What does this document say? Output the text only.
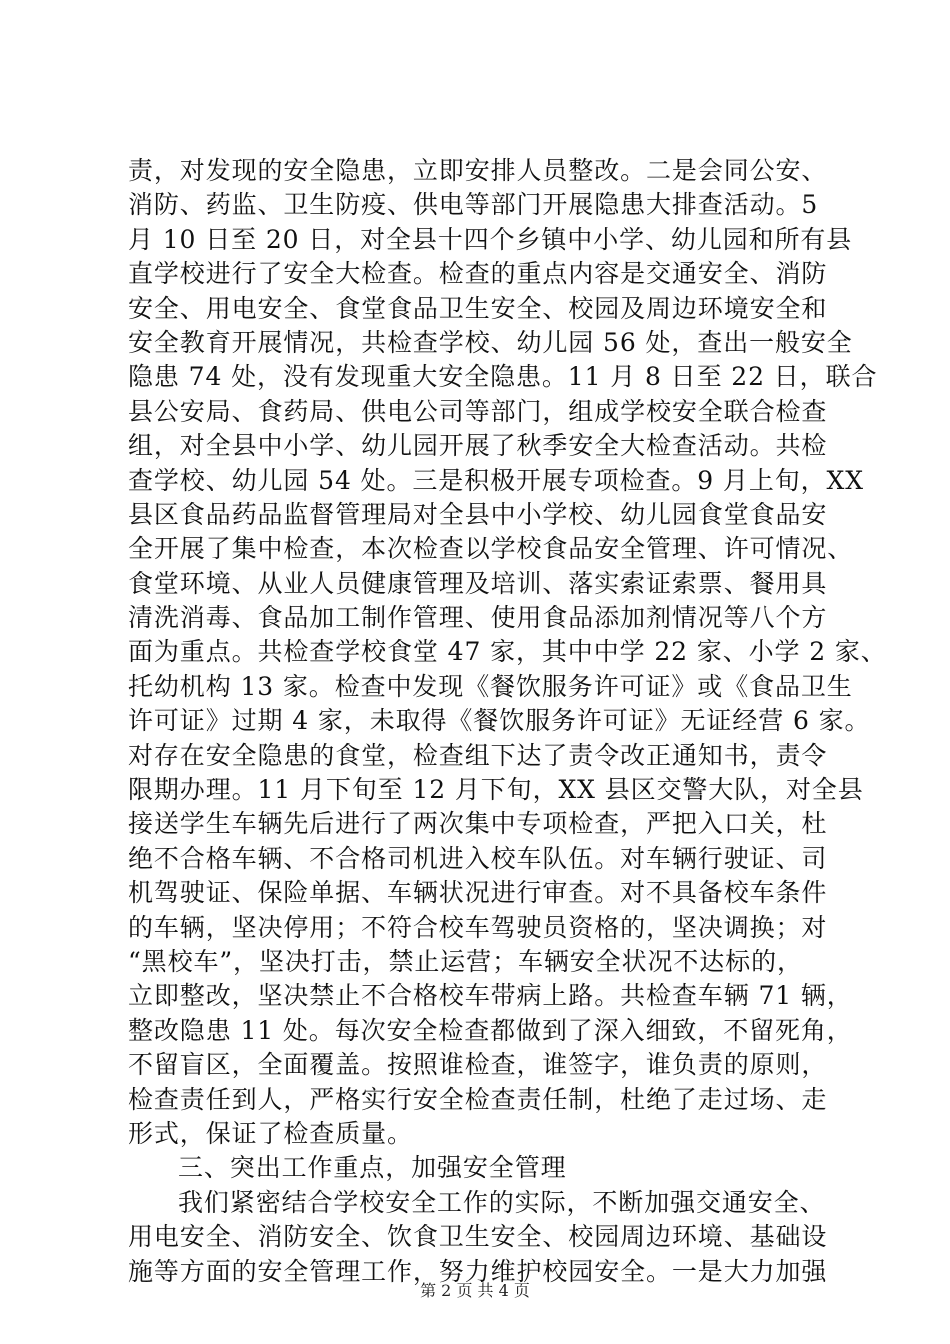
责，对发现的安全隐患，立即安排人员整改。二是会同公安、
消防、药监、卫生防疫、供电等部门开展隐患大排查活动。5
月 10 日至 20 日，对全县十四个乡镇中小学、幼儿园和所有县
直学校进行了安全大检查。检查的重点内容是交通安全、消防
安全、用电安全、食堂食品卫生安全、校园及周边环境安全和
安全教育开展情况，共检查学校、幼儿园 56 处，查出一般安全
隐患 74 处，没有发现重大安全隐患。11 月 8 日至 22 日，联合
县公安局、食药局、供电公司等部门，组成学校安全联合检查
组，对全县中小学、幼儿园开展了秋季安全大检查活动。共检
查学校、幼儿园 54 处。三是积极开展专项检查。9 月上旬，XX
县区食品药品监督管理局对全县中小学校、幼儿园食堂食品安
全开展了集中检查，本次检查以学校食品安全管理、许可情况、
食堂环境、从业人员健康管理及培训、落实索证索票、餐用具
清洗消毒、食品加工制作管理、使用食品添加剂情况等八个方
面为重点。共检查学校食堂 47 家，其中中学 22 家、小学 2 家、
托幼机构 13 家。检查中发现《餐饮服务许可证》或《食品卫生
许可证》过期 4 家，未取得《餐饮服务许可证》无证经营 6 家。
对存在安全隐患的食堂，检查组下达了责令改正通知书，责令
限期办理。11 月下旬至 12 月下旬，XX 县区交警大队，对全县
接送学生车辆先后进行了两次集中专项检查，严把入口关，杜
绝不合格车辆、不合格司机进入校车队伍。对车辆行驶证、司
机驾驶证、保险单据、车辆状况进行审查。对不具备校车条件
的车辆，坚决停用；不符合校车驾驶员资格的，坚决调换；对
“黑校车”，坚决打击，禁止运营；车辆安全状况不达标的，
立即整改，坚决禁止不合格校车带病上路。共检查车辆 71 辆，
整改隐患 11 处。每次安全检查都做到了深入细致，不留死角，
不留盲区，全面覆盖。按照谁检查，谁签字，谁负责的原则，
检查责任到人，严格实行安全检查责任制，杜绝了走过场、走
形式，保证了检查质量。
三、突出工作重点，加强安全管理
我们紧密结合学校安全工作的实际，不断加强交通安全、
用电安全、消防安全、饮食卫生安全、校园周边环境、基础设
施等方面的安全管理工作，努力维护校园安全。一是大力加强
第 2 页 共 4 页
